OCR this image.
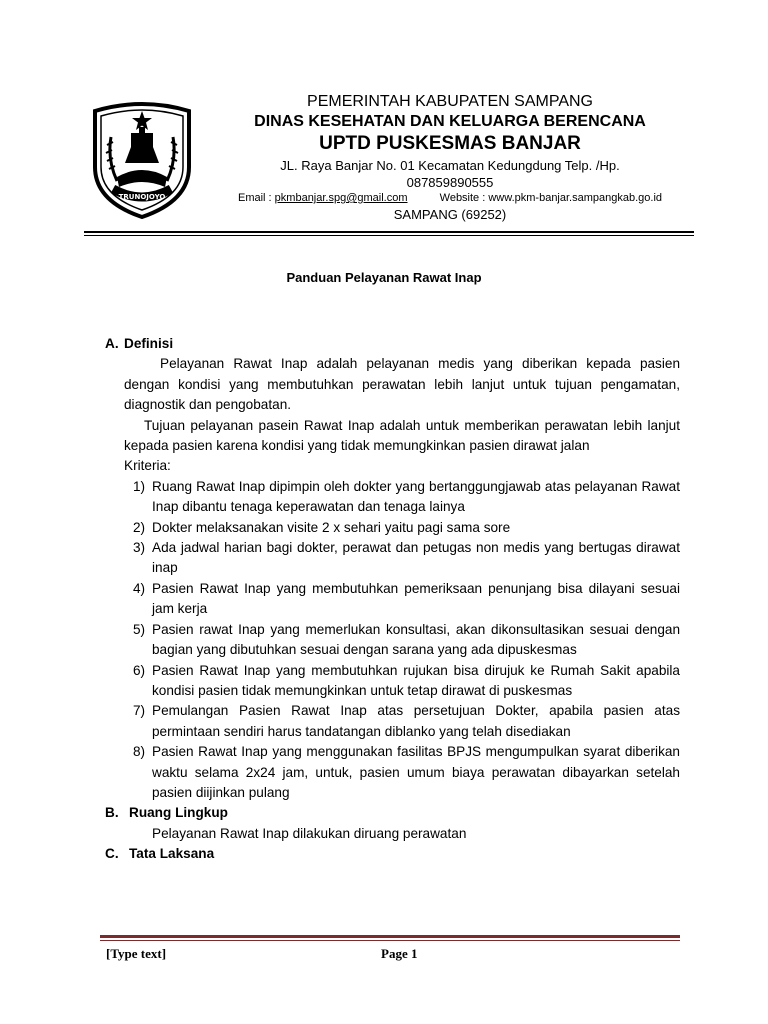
TRUNOJOYO
PEMERINTAH KABUPATEN SAMPANG
DINAS KESEHATAN DAN KELUARGA BERENCANA
UPTD PUSKESMAS BANJAR
JL. Raya Banjar No. 01 Kecamatan Kedungdung Telp. /Hp.
087859890555
Email : pkmbanjar.spg@gmail.com	Website : www.pkm-banjar.sampangkab.go.id
SAMPANG (69252)
Panduan Pelayanan Rawat Inap
A. Definisi
Pelayanan Rawat Inap adalah pelayanan medis yang diberikan kepada pasien dengan kondisi yang membutuhkan perawatan lebih lanjut untuk tujuan pengamatan, diagnostik dan pengobatan.
Tujuan pelayanan pasein Rawat Inap adalah untuk memberikan perawatan lebih lanjut kepada pasien karena kondisi yang tidak memungkinkan pasien dirawat jalan
Kriteria:
1) Ruang Rawat Inap dipimpin oleh dokter yang bertanggungjawab atas pelayanan Rawat Inap dibantu tenaga keperawatan dan tenaga lainya
2) Dokter melaksanakan visite 2 x sehari yaitu pagi sama sore
3) Ada jadwal harian bagi dokter, perawat dan petugas non medis yang bertugas dirawat inap
4) Pasien Rawat Inap yang membutuhkan pemeriksaan penunjang bisa dilayani sesuai jam kerja
5) Pasien rawat Inap yang memerlukan konsultasi, akan dikonsultasikan sesuai dengan bagian yang dibutuhkan sesuai dengan sarana yang ada dipuskesmas
6) Pasien Rawat Inap yang membutuhkan rujukan bisa dirujuk ke Rumah Sakit apabila kondisi pasien tidak memungkinkan untuk tetap dirawat di puskesmas
7) Pemulangan Pasien Rawat Inap atas persetujuan Dokter, apabila pasien atas permintaan sendiri harus tandatangan diblanko yang telah disediakan
8) Pasien Rawat Inap yang menggunakan fasilitas BPJS mengumpulkan syarat diberikan waktu selama 2x24 jam, untuk, pasien umum biaya perawatan dibayarkan setelah pasien diijinkan pulang
B. Ruang Lingkup
Pelayanan Rawat Inap dilakukan diruang perawatan
C. Tata Laksana
[Type text]	Page 1
